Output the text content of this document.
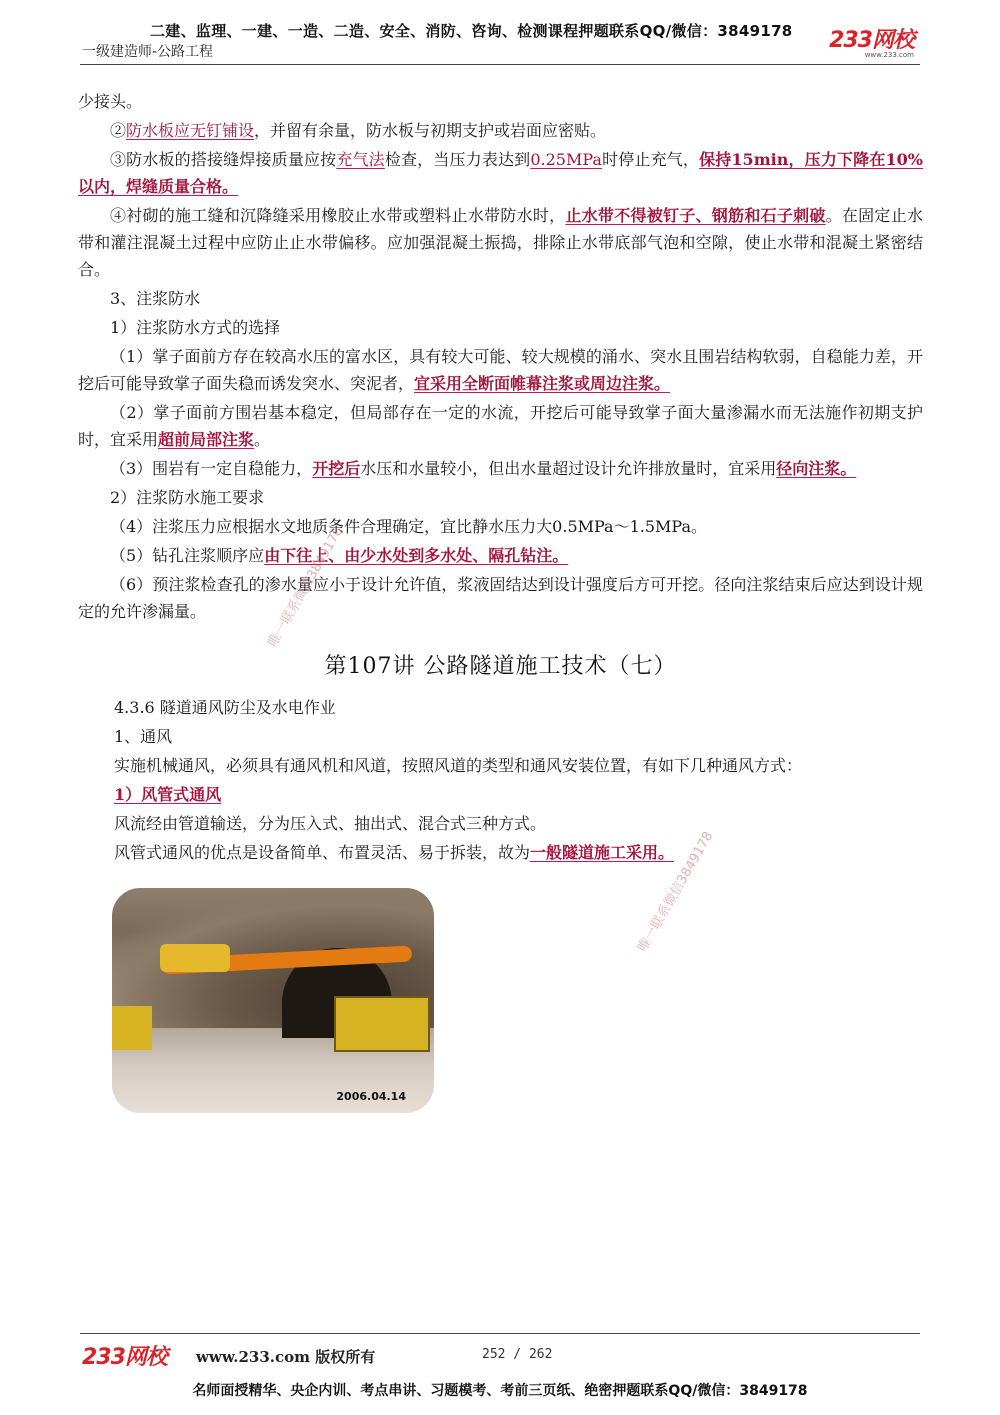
二建、监理、一建、一造、二造、安全、消防、咨询、检测课程押题联系QQ/微信：3849178
一级建造师-公路工程	233网校
www.233.com

少接头。

②防水板应无钉铺设，并留有余量，防水板与初期支护或岩面应密贴。

③防水板的搭接缝焊接质量应按充气法检查，当压力表达到0.25MPa时停止充气，保持15min，压力下降在10%以内，焊缝质量合格。

④衬砌的施工缝和沉降缝采用橡胶止水带或塑料止水带防水时，止水带不得被钉子、钢筋和石子刺破。在固定止水带和灌注混凝土过程中应防止止水带偏移。应加强混凝土振捣，排除止水带底部气泡和空隙，使止水带和混凝土紧密结合。

3、注浆防水

1）注浆防水方式的选择

（1）掌子面前方存在较高水压的富水区，具有较大可能、较大规模的涌水、突水且围岩结构软弱，自稳能力差，开挖后可能导致掌子面失稳而诱发突水、突泥者，宜采用全断面帷幕注浆或周边注浆。

（2）掌子面前方围岩基本稳定，但局部存在一定的水流，开挖后可能导致掌子面大量渗漏水而无法施作初期支护时，宜采用超前局部注浆。

（3）围岩有一定自稳能力，开挖后水压和水量较小，但出水量超过设计允许排放量时，宜采用径向注浆。

2）注浆防水施工要求

（4）注浆压力应根据水文地质条件合理确定，宜比静水压力大0.5MPa～1.5MPa。

（5）钻孔注浆顺序应由下往上、由少水处到多水处、隔孔钻注。

（6）预注浆检查孔的渗水量应小于设计允许值，浆液固结达到设计强度后方可开挖。径向注浆结束后应达到设计规定的允许渗漏量。

第107讲 公路隧道施工技术（七）

4.3.6 隧道通风防尘及水电作业

1、通风

实施机械通风，必须具有通风机和风道，按照风道的类型和通风安装位置，有如下几种通风方式：

1）风管式通风

风流经由管道输送，分为压入式、抽出式、混合式三种方式。

风管式通风的优点是设备简单、布置灵活、易于拆装，故为一般隧道施工采用。

2006.04.14
唯一联系微信3849178
唯一联系微信3849178
233网校 www.233.com 版权所有	252 / 262
名师面授精华、央企内训、考点串讲、习题模考、考前三页纸、绝密押题联系QQ/微信：3849178
